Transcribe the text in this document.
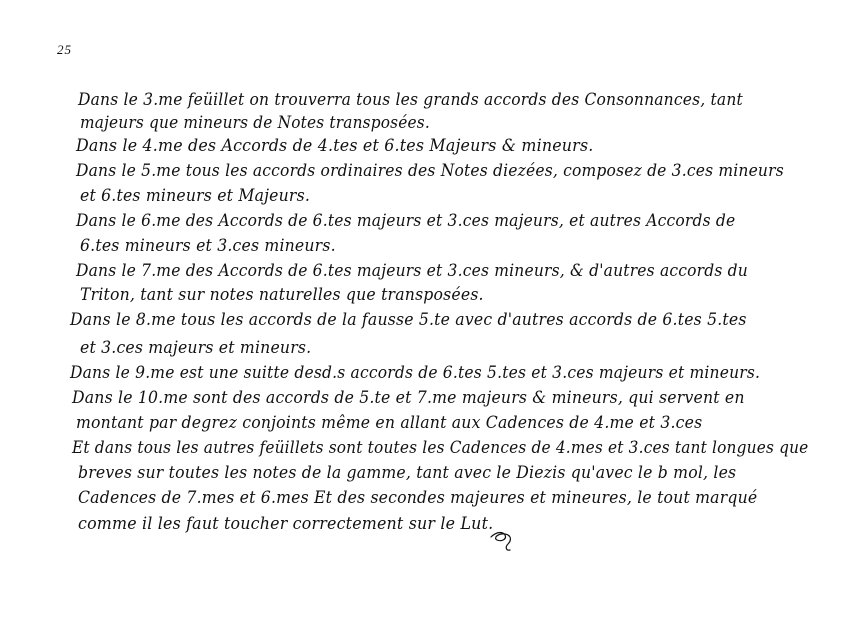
25
Dans le 3.me feüillet on trouverra tous les grands accords des Consonnances, tant
majeurs que mineurs de Notes transposées.
Dans le 4.me des Accords de 4.tes et 6.tes Majeurs & mineurs.
Dans le 5.me tous les accords ordinaires des Notes diezées, composez de 3.ces mineurs
et 6.tes mineurs et Majeurs.
Dans le 6.me des Accords de 6.tes majeurs et 3.ces majeurs, et autres Accords de
6.tes mineurs et 3.ces mineurs.
Dans le 7.me des Accords de 6.tes majeurs et 3.ces mineurs, & d'autres accords du
Triton, tant sur notes naturelles que transposées.
Dans le 8.me tous les accords de la fausse 5.te avec d'autres accords de 6.tes 5.tes
et 3.ces majeurs et mineurs.
Dans le 9.me est une suitte desd.s accords de 6.tes 5.tes et 3.ces majeurs et mineurs.
Dans le 10.me sont des accords de 5.te et 7.me majeurs & mineurs, qui servent en
montant par degrez conjoints même en allant aux Cadences de 4.me et 3.ces
Et dans tous les autres feüillets sont toutes les Cadences de 4.mes et 3.ces tant longues que
breves sur toutes les notes de la gamme, tant avec le Diezis qu'avec le b mol, les
Cadences de 7.mes et 6.mes Et des secondes majeures et mineures, le tout marqué
comme il les faut toucher correctement sur le Lut.
